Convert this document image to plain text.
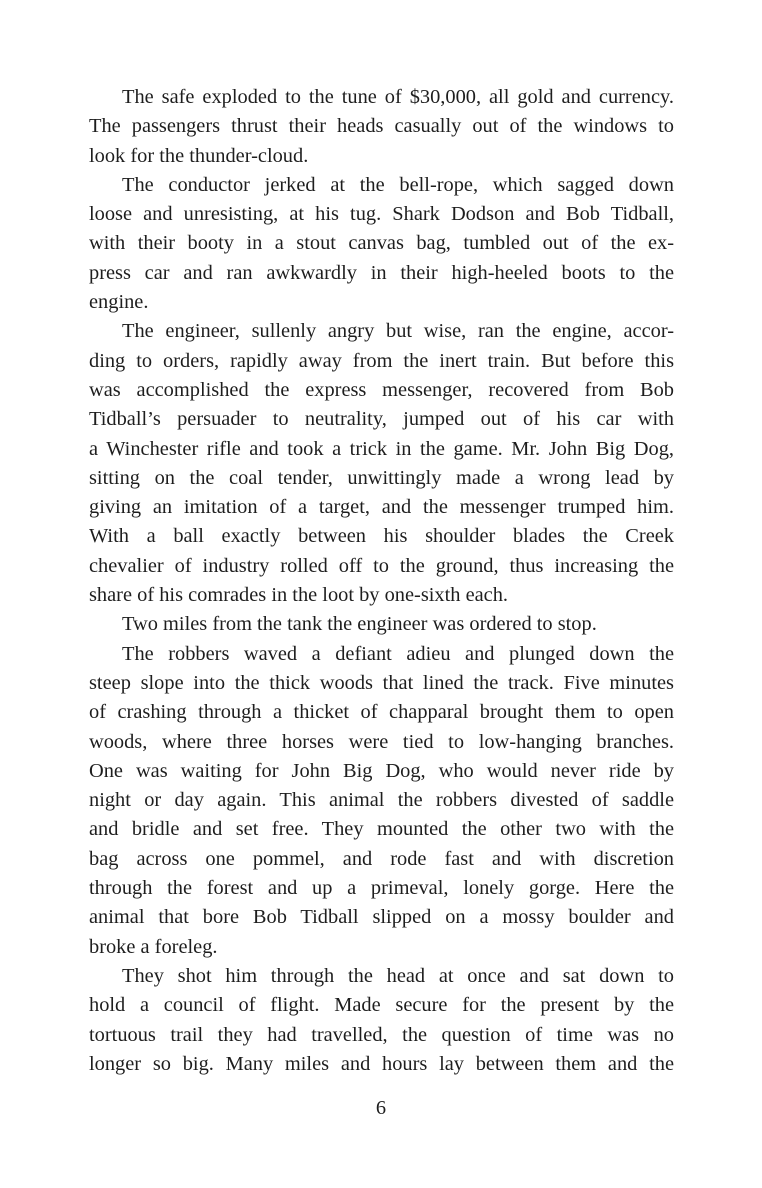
The safe exploded to the tune of $30,000, all gold and currency.
The passengers thrust their heads casually out of the windows to
look for the thunder-cloud.
The conductor jerked at the bell-rope, which sagged down
loose and unresisting, at his tug. Shark Dodson and Bob Tidball,
with their booty in a stout canvas bag, tumbled out of the ex-
press car and ran awkwardly in their high-heeled boots to the
engine.
The engineer, sullenly angry but wise, ran the engine, accor-
ding to orders, rapidly away from the inert train. But before this
was accomplished the express messenger, recovered from Bob
Tidball’s persuader to neutrality, jumped out of his car with
a Winchester rifle and took a trick in the game. Mr. John Big Dog,
sitting on the coal tender, unwittingly made a wrong lead by
giving an imitation of a target, and the messenger trumped him.
With a ball exactly between his shoulder blades the Creek
chevalier of industry rolled off to the ground, thus increasing the
share of his comrades in the loot by one-sixth each.
Two miles from the tank the engineer was ordered to stop.
The robbers waved a defiant adieu and plunged down the
steep slope into the thick woods that lined the track. Five minutes
of crashing through a thicket of chapparal brought them to open
woods, where three horses were tied to low-hanging branches.
One was waiting for John Big Dog, who would never ride by
night or day again. This animal the robbers divested of saddle
and bridle and set free. They mounted the other two with the
bag across one pommel, and rode fast and with discretion
through the forest and up a primeval, lonely gorge. Here the
animal that bore Bob Tidball slipped on a mossy boulder and
broke a foreleg.
They shot him through the head at once and sat down to
hold a council of flight. Made secure for the present by the
tortuous trail they had travelled, the question of time was no
longer so big. Many miles and hours lay between them and the
6
